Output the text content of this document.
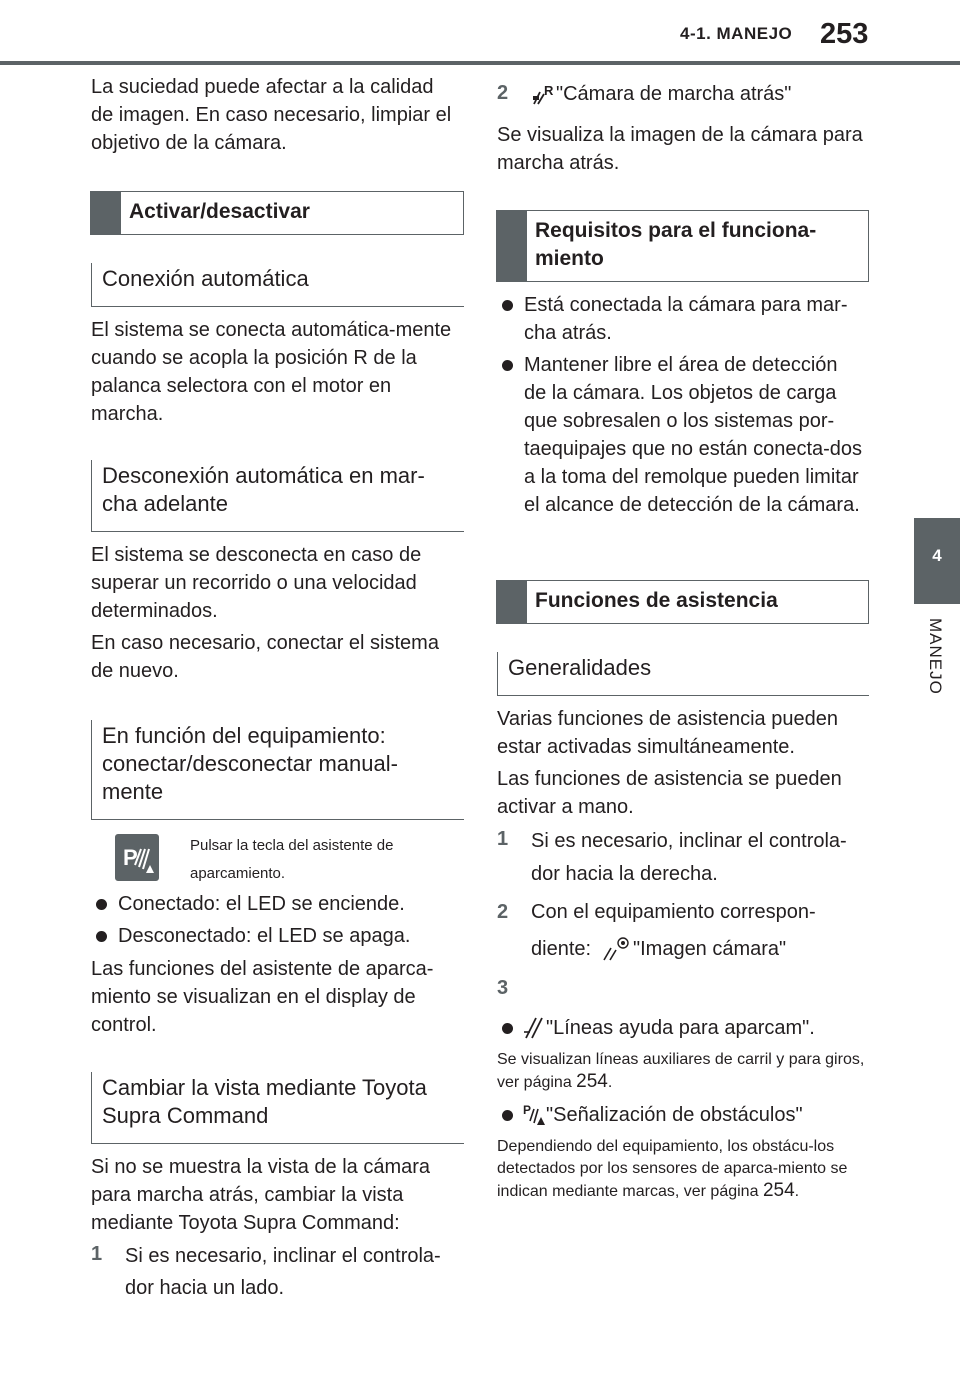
4-1. MANEJO 253
4
MANEJO
La suciedad puede afectar a la calidad de imagen. En caso necesario, limpiar el objetivo de la cámara.
Activar/desactivar
Conexión automática
El sistema se conecta automática-mente cuando se acopla la posición R de la palanca selectora con el motor en marcha.
Desconexión automática en mar-cha adelante
El sistema se desconecta en caso de superar un recorrido o una velocidad determinados.
En caso necesario, conectar el sistema de nuevo.
En función del equipamiento: conectar/desconectar manual-mente
P	Pulsar la tecla del asistente de aparcamiento.
Conectado: el LED se enciende.
Desconectado: el LED se apaga.
Las funciones del asistente de aparca-miento se visualizan en el display de control.
Cambiar la vista mediante Toyota Supra Command
Si no se muestra la vista de la cámara para marcha atrás, cambiar la vista mediante Toyota Supra Command:
1 Si es necesario, inclinar el controla-dor hacia un lado.
2	R "Cámara de marcha atrás"
Se visualiza la imagen de la cámara para marcha atrás.
Requisitos para el funciona-miento
Está conectada la cámara para mar-cha atrás.
Mantener libre el área de detección de la cámara. Los objetos de carga que sobresalen o los sistemas por-taequipajes que no están conecta-dos a la toma del remolque pueden limitar el alcance de detección de la cámara.
Funciones de asistencia
Generalidades
Varias funciones de asistencia pueden estar activadas simultáneamente.
Las funciones de asistencia se pueden activar a mano.
1 Si es necesario, inclinar el controla-dor hacia la derecha.
2 Con el equipamiento correspon-
diente:	"Imagen cámara"
3
"Líneas ayuda para aparcam".
Se visualizan líneas auxiliares de carril y para giros, ver página 254.
P "Señalización de obstáculos"
Dependiendo del equipamiento, los obstácu-los detectados por los sensores de aparca-miento se indican mediante marcas, ver página 254.
